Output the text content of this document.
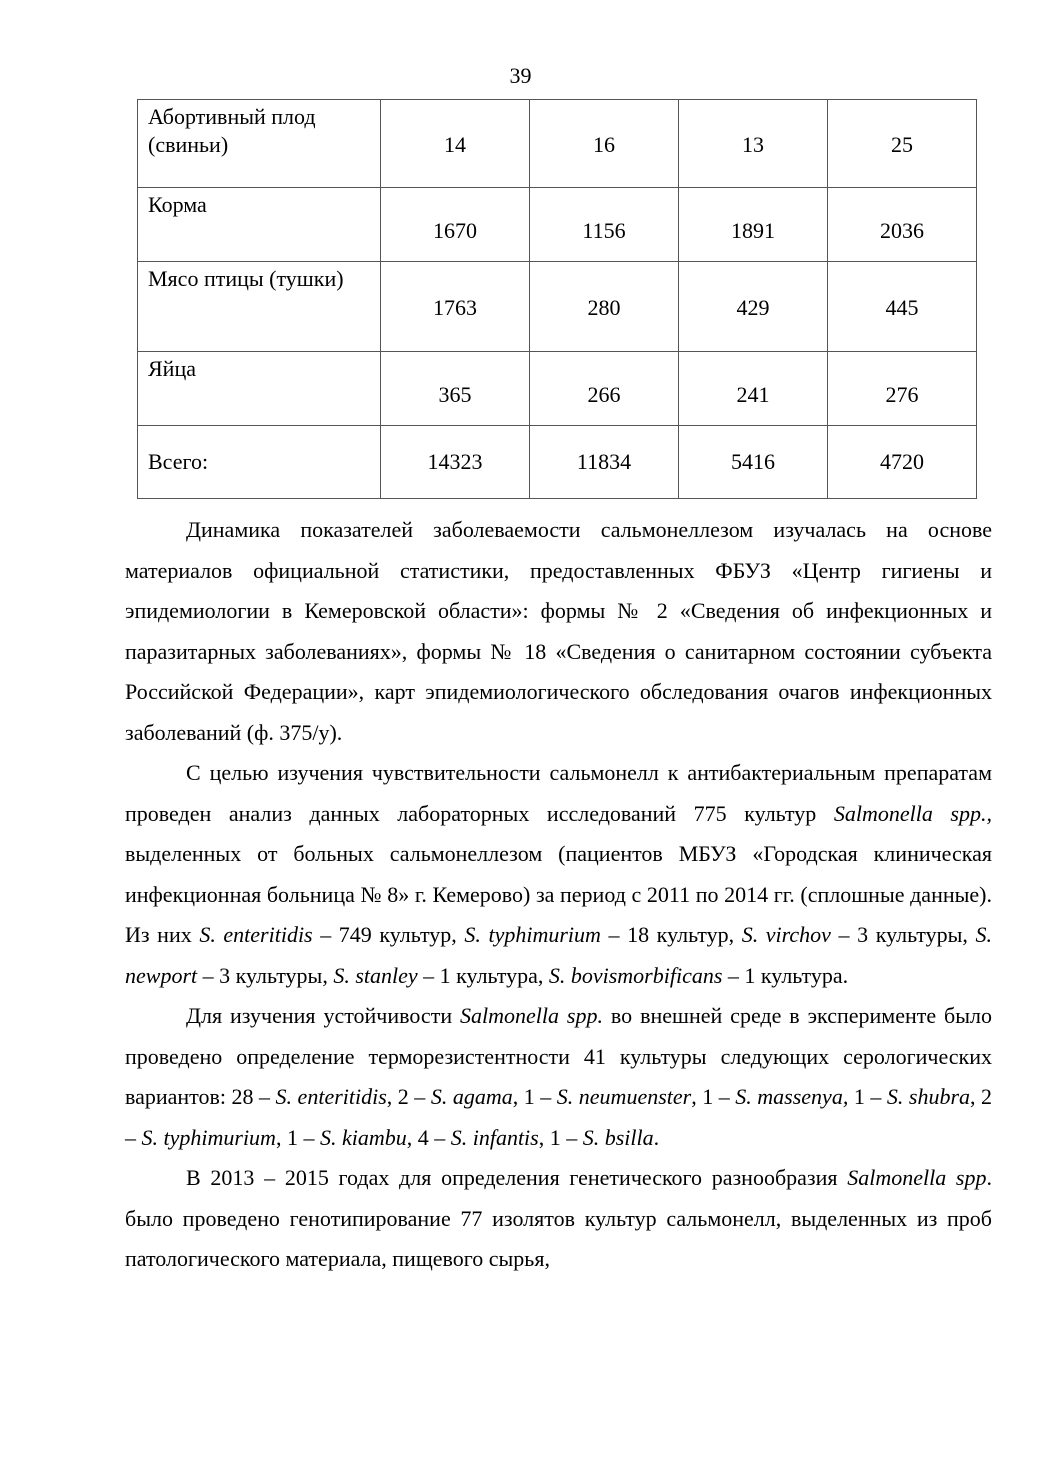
39
Абортивный плод (свиньи)	14	16	13	25
Корма	1670	1156	1891	2036
Мясо птицы (тушки)	1763	280	429	445
Яйца	365	266	241	276
Всего:	14323	11834	5416	4720

Динамика показателей заболеваемости сальмонеллезом изучалась на основе материалов официальной статистики, предоставленных ФБУЗ «Центр гигиены и эпидемиологии в Кемеровской области»: формы № 2 «Сведения об инфекционных и паразитарных заболеваниях», формы № 18 «Сведения о санитарном состоянии субъекта Российской Федерации», карт эпидемиологического обследования очагов инфекционных заболеваний (ф. 375/у).

С целью изучения чувствительности сальмонелл к антибактериальным препаратам проведен анализ данных лабораторных исследований 775 культур Salmonella spp., выделенных от больных сальмонеллезом (пациентов МБУЗ «Городская клиническая инфекционная больница № 8» г. Кемерово) за период с 2011 по 2014 гг. (сплошные данные). Из них S. enteritidis – 749 культур, S. typhimurium – 18 культур, S. virchov – 3 культуры, S. newport – 3 культуры, S. stanley – 1 культура, S. bovismorbificans – 1 культура.

Для изучения устойчивости Salmonella spp. во внешней среде в эксперименте было проведено определение терморезистентности 41 культуры следующих серологических вариантов: 28 – S. enteritidis, 2 – S. agama, 1 – S. neumuenster, 1 – S. massenya, 1 – S. shubra, 2 – S. typhimurium, 1 – S. kiambu, 4 – S. infantis, 1 – S. bsilla.

В 2013 – 2015 годах для определения генетического разнообразия Salmonella spp. было проведено генотипирование 77 изолятов культур сальмонелл, выделенных из проб патологического материала, пищевого сырья,
